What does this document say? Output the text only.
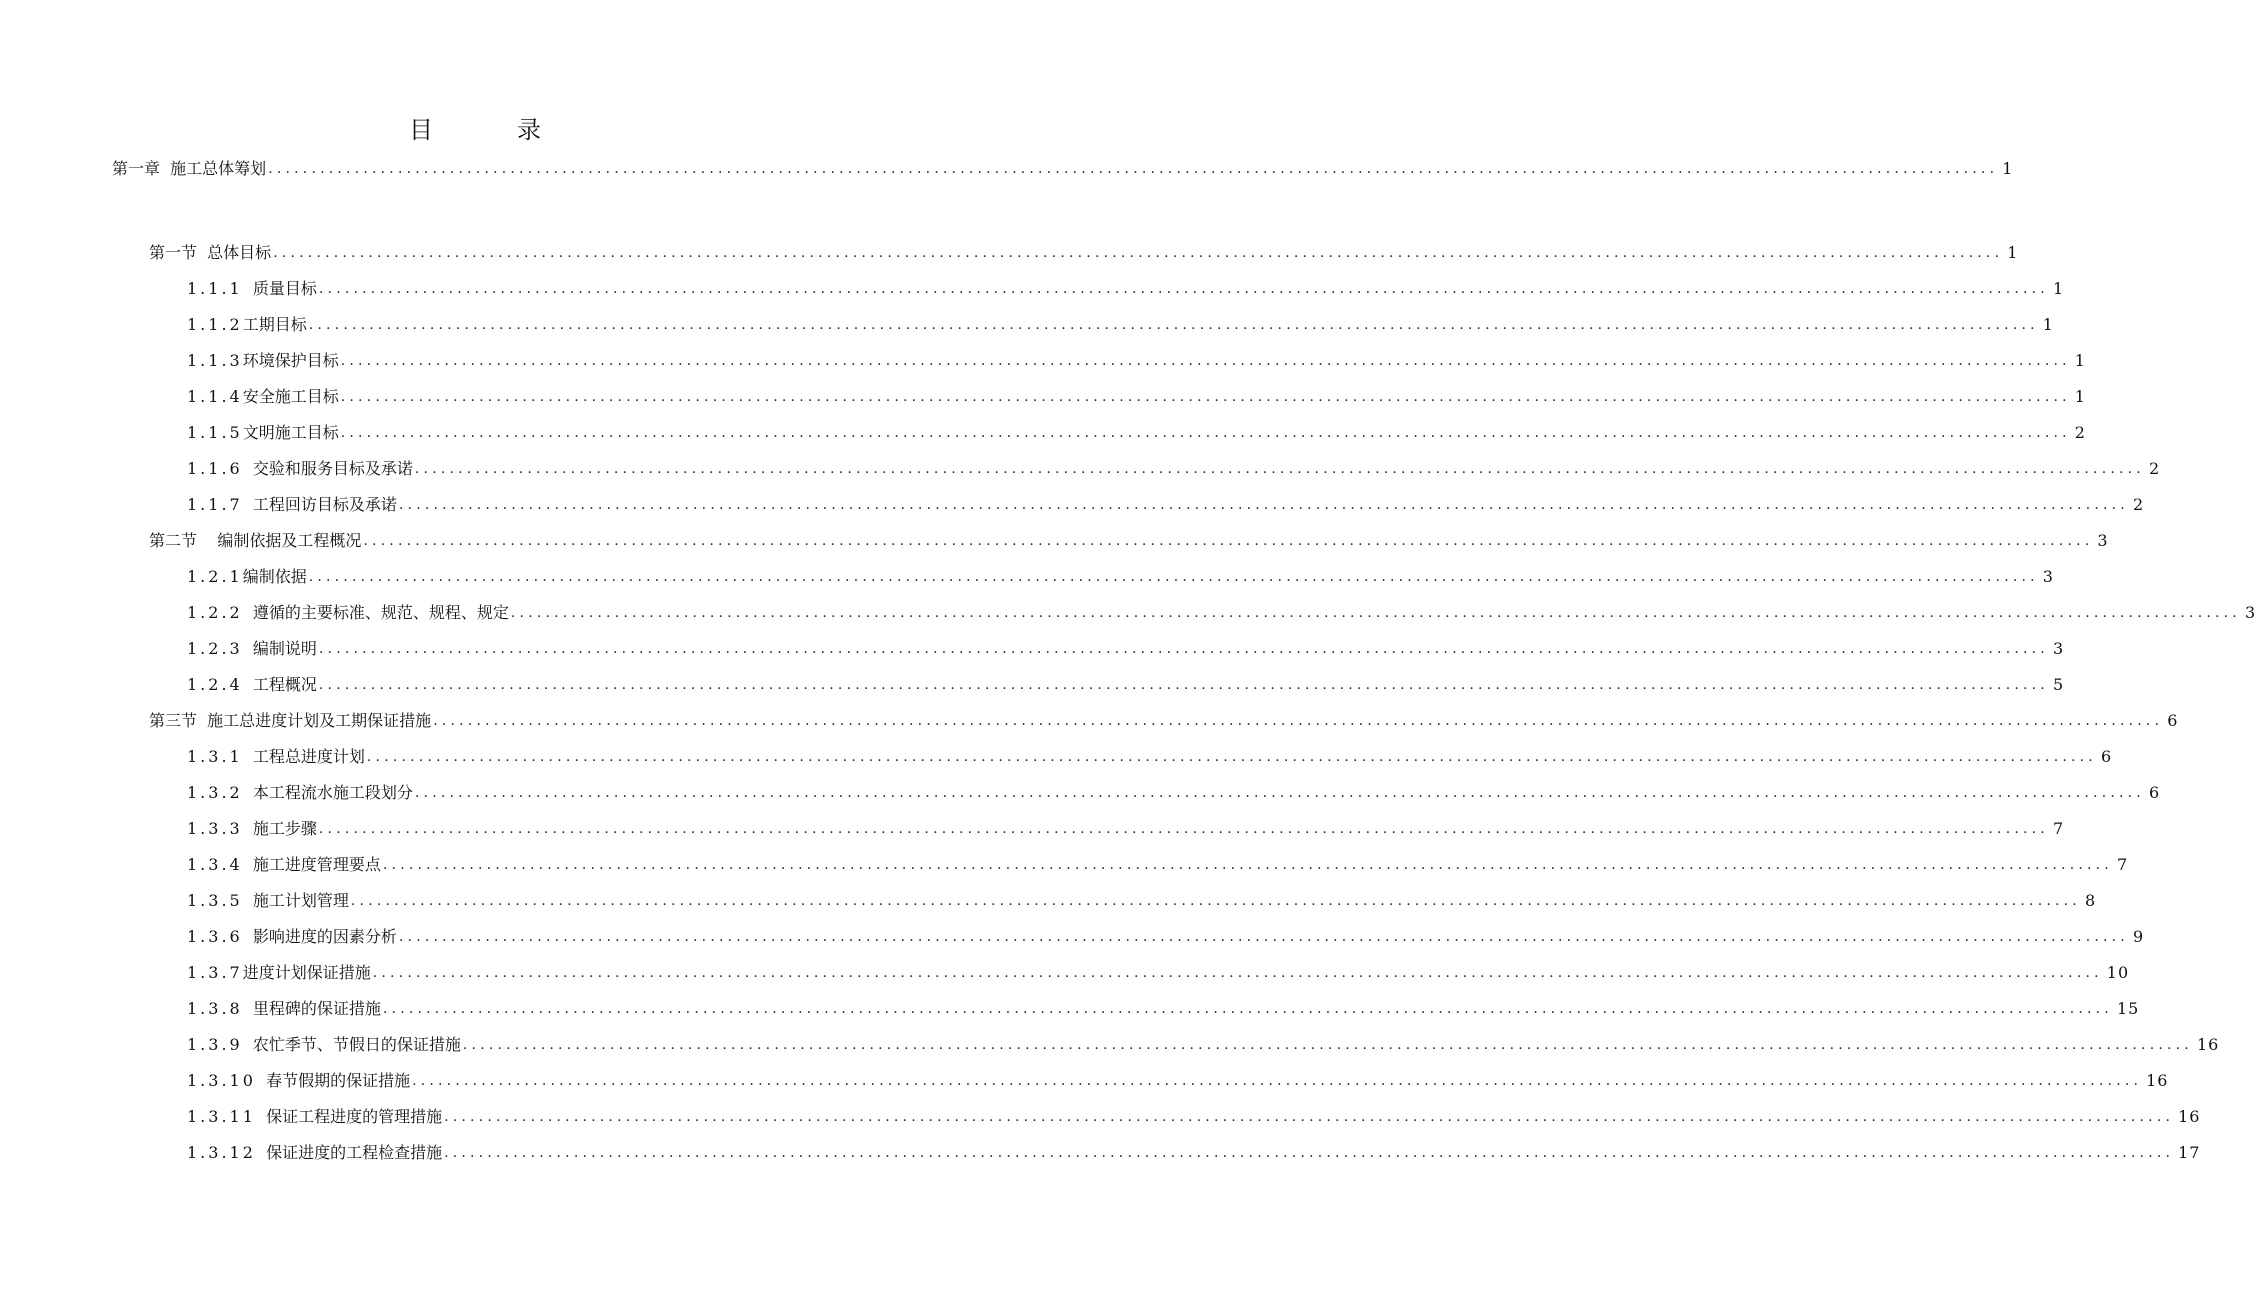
目　录
第一章  施工总体筹划 ........................................................................................................................................................................................................ 1
第一节  总体目标 ........................................................................................................................................................................................................ 1
1.1.1  质量目标 ........................................................................................................................................................................................................ 1
1.1.2工期目标 ........................................................................................................................................................................................................ 1
1.1.3环境保护目标 ........................................................................................................................................................................................................ 1
1.1.4安全施工目标 ........................................................................................................................................................................................................ 1
1.1.5文明施工目标 ........................................................................................................................................................................................................ 2
1.1.6  交验和服务目标及承诺 ........................................................................................................................................................................................................ 2
1.1.7  工程回访目标及承诺 ........................................................................................................................................................................................................ 2
第二节    编制依据及工程概况 ........................................................................................................................................................................................................ 3
1.2.1编制依据 ........................................................................................................................................................................................................ 3
1.2.2  遵循的主要标准、规范、规程、规定 ........................................................................................................................................................................................................ 3
1.2.3  编制说明 ........................................................................................................................................................................................................ 3
1.2.4  工程概况 ........................................................................................................................................................................................................ 5
第三节  施工总进度计划及工期保证措施 ........................................................................................................................................................................................................ 6
1.3.1  工程总进度计划 ........................................................................................................................................................................................................ 6
1.3.2  本工程流水施工段划分 ........................................................................................................................................................................................................ 6
1.3.3  施工步骤 ........................................................................................................................................................................................................ 7
1.3.4  施工进度管理要点 ........................................................................................................................................................................................................ 7
1.3.5  施工计划管理 ........................................................................................................................................................................................................ 8
1.3.6  影响进度的因素分析 ........................................................................................................................................................................................................ 9
1.3.7进度计划保证措施 ........................................................................................................................................................................................................ 10
1.3.8  里程碑的保证措施 ........................................................................................................................................................................................................ 15
1.3.9  农忙季节、节假日的保证措施 ........................................................................................................................................................................................................ 16
1.3.10  春节假期的保证措施 ........................................................................................................................................................................................................ 16
1.3.11  保证工程进度的管理措施 ........................................................................................................................................................................................................ 16
1.3.12  保证进度的工程检查措施 ........................................................................................................................................................................................................ 17
